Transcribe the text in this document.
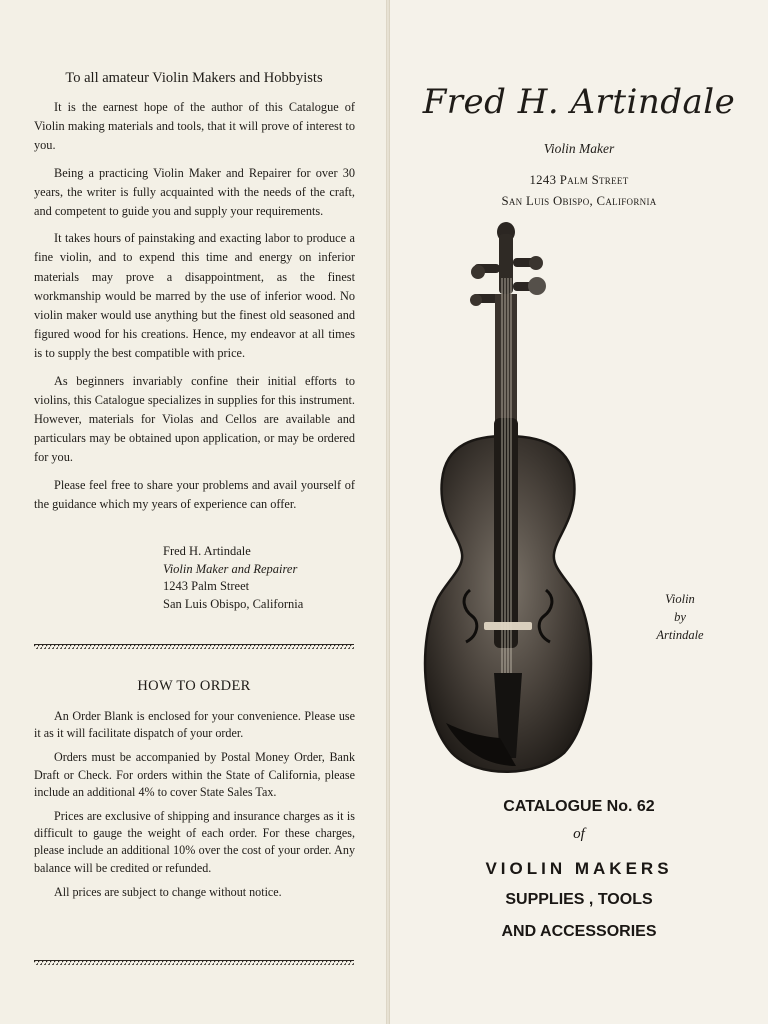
To all amateur Violin Makers and Hobbyists

It is the earnest hope of the author of this Catalogue of Violin making materials and tools, that it will prove of interest to you.

Being a practicing Violin Maker and Repairer for over 30 years, the writer is fully acquainted with the needs of the craft, and competent to guide you and supply your requirements.

It takes hours of painstaking and exacting labor to produce a fine violin, and to expend this time and energy on inferior materials may prove a disappointment, as the finest workmanship would be marred by the use of inferior wood. No violin maker would use anything but the finest old seasoned and figured wood for his creations. Hence, my endeavor at all times is to supply the best compatible with price.

As beginners invariably confine their initial efforts to violins, this Catalogue specializes in supplies for this instrument. However, materials for Violas and Cellos are available and particulars may be obtained upon application, or may be ordered for you.

Please feel free to share your problems and avail yourself of the guidance which my years of experience can offer.

Fred H. Artindale
Violin Maker and Repairer
1243 Palm Street
San Luis Obispo, California
HOW TO ORDER

An Order Blank is enclosed for your convenience. Please use it as it will facilitate dispatch of your order.

Orders must be accompanied by Postal Money Order, Bank Draft or Check. For orders within the State of California, please include an additional 4% to cover State Sales Tax.

Prices are exclusive of shipping and insurance charges as it is difficult to gauge the weight of each order. For these charges, please include an additional 10% over the cost of your order. Any balance will be credited or refunded.

All prices are subject to change without notice.

Fred H. Artindale
Violin Maker
1243 Palm Street
San Luis Obispo, California
Violin
by
Artindale
CATALOGUE No. 62
of
VIOLIN MAKERS
SUPPLIES , TOOLS
AND ACCESSORIES
